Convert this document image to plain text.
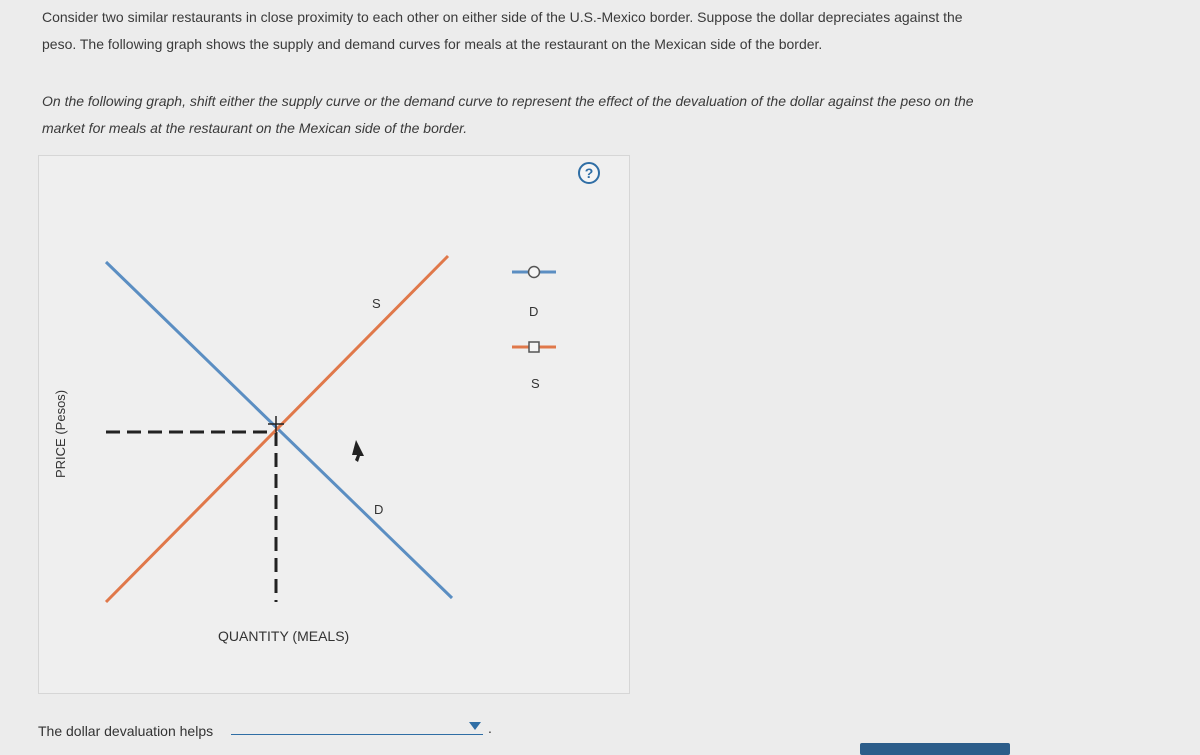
Consider two similar restaurants in close proximity to each other on either side of the U.S.-Mexico border. Suppose the dollar depreciates against the peso. The following graph shows the supply and demand curves for meals at the restaurant on the Mexican side of the border.
On the following graph, shift either the supply curve or the demand curve to represent the effect of the devaluation of the dollar against the peso on the market for meals at the restaurant on the Mexican side of the border.
?
S
D
D
S
PRICE (Pesos)
QUANTITY (MEALS)
The dollar devaluation helps	.
